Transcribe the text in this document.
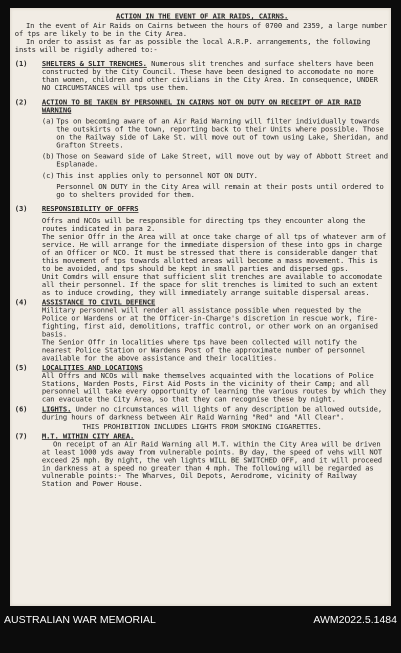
ACTION IN THE EVENT OF AIR RAIDS, CAIRNS.
In the event of Air Raids on Cairns between the hours of 0700 and 2359, a large number of tps are likely to be in the City Area.
In order to assist as far as possible the local A.R.P. arrangements, the following insts will be rigidly adhered to:-
(1)	SHELTERS & SLIT TRENCHES. Numerous slit trenches and surface shelters have been constructed by the City Council. These have been designed to accomodate no more than women, children and other civilians in the City Area. In consequence, UNDER NO CIRCUMSTANCES will tps use them.
(2)	ACTION TO BE TAKEN BY PERSONNEL IN CAIRNS NOT ON DUTY ON RECEIPT OF AIR RAID WARNING
(a) Tps on becoming aware of an Air Raid Warning will filter individually towards the outskirts of the town, reporting back to their Units where possible. Those on the Railway side of Lake St. will move out of town using Lake, Sheridan, and Grafton Streets.
(b) Those on Seaward side of Lake Street, will move out by way of Abbott Street and Esplanade.
(c) This inst applies only to personnel NOT ON DUTY.
Personnel ON DUTY in the City Area will remain at their posts until ordered to go to shelters provided for them.
(3)	RESPONSIBILITY OF OFFRS
Offrs and NCOs will be responsible for directing tps they encounter along the routes indicated in para 2.
The senior Offr in the Area will at once take charge of all tps of whatever arm of service. He will arrange for the immediate dispersion of these into gps in charge of an Officer or NCO. It must be stressed that there is considerable danger that this movement of tps towards allotted areas will become a mass movement. This is to be avoided, and tps should be kept in small parties and dispersed gps.
Unit Comdrs will ensure that sufficient slit trenches are available to accomodate all their personnel. If the space for slit trenches is limited to such an extent as to induce crowding, they will immediately arrange suitable dispersal areas.
(4)	ASSISTANCE TO CIVIL DEFENCE
Military personnel will render all assistance possible when requested by the Police or Wardens or at the Officer-in-Charge's discretion in rescue work, fire-fighting, first aid, demolitions, traffic control, or other work on an organised basis.
The Senior Offr in localities where tps have been collected will notify the nearest Police Station or Wardens Post of the approximate number of personnel available for the above assistance and their localities.
(5)	LOCALITIES AND LOCATIONS
All Offrs and NCOs will make themselves acquainted with the locations of Police Stations, Warden Posts, First Aid Posts in the vicinity of their Camp; and all personnel will take every opportunity of learning the various routes by which they can evacuate the City Area, so that they can recognise these by night.
(6)	LIGHTS. Under no circumstances will lights of any description be allowed outside, during hours of darkness between Air Raid Warning "Red" and "All Clear".
THIS PROHIBITION INCLUDES LIGHTS FROM SMOKING CIGARETTES.
(7)	M.T. WITHIN CITY AREA.
On receipt of an Air Raid Warning all M.T. within the City Area will be driven at least 1000 yds away from vulnerable points. By day, the speed of vehs will NOT exceed 25 mph. By night, the veh lights WILL BE SWITCHED OFF, and it will proceed in darkness at a speed no greater than 4 mph. The following will be regarded as vulnerable points:- The Wharves, Oil Depots, Aerodrome, vicinity of Railway Station and Power House.
AUSTRALIAN WAR MEMORIAL	AWM2022.5.1484
